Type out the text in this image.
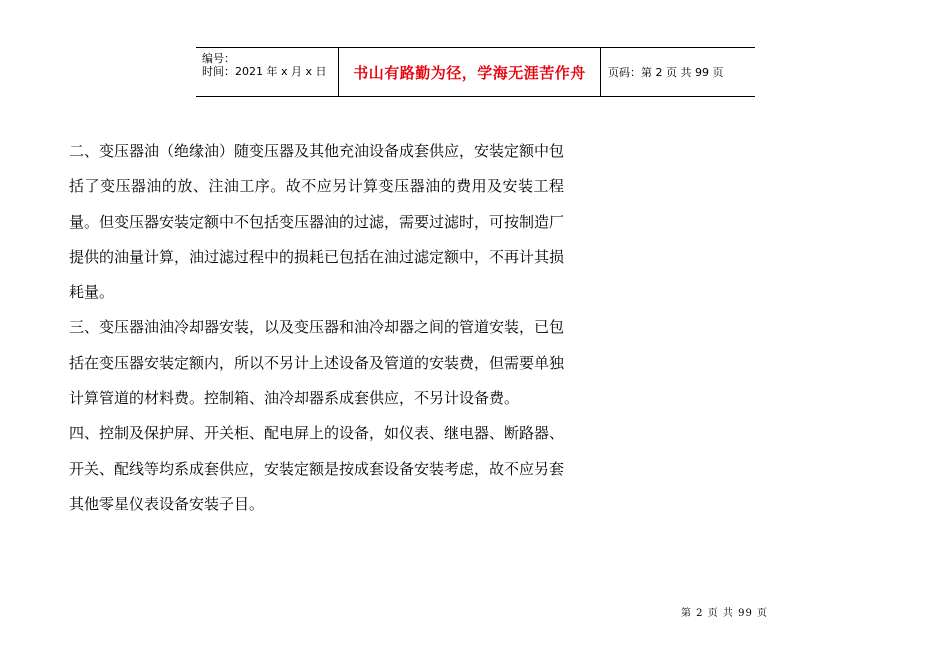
编号：
时间：2021 年 x 月 x 日	书山有路勤为径，学海无涯苦作舟 页码：第 2 页 共 99 页

二、变压器油（绝缘油）随变压器及其他充油设备成套供应，安装定额中包括了变压器油的放、注油工序。故不应另计算变压器油的费用及安装工程量。但变压器安装定额中不包括变压器油的过滤，需要过滤时，可按制造厂提供的油量计算，油过滤过程中的损耗已包括在油过滤定额中，不再计其损耗量。

三、变压器油油冷却器安装，以及变压器和油冷却器之间的管道安装，已包括在变压器安装定额内，所以不另计上述设备及管道的安装费，但需要单独计算管道的材料费。控制箱、油冷却器系成套供应，不另计设备费。

四、控制及保护屏、开关柜、配电屏上的设备，如仪表、继电器、断路器、开关、配线等均系成套供应，安装定额是按成套设备安装考虑，故不应另套其他零星仪表设备安装子目。

第 2 页 共 99 页
